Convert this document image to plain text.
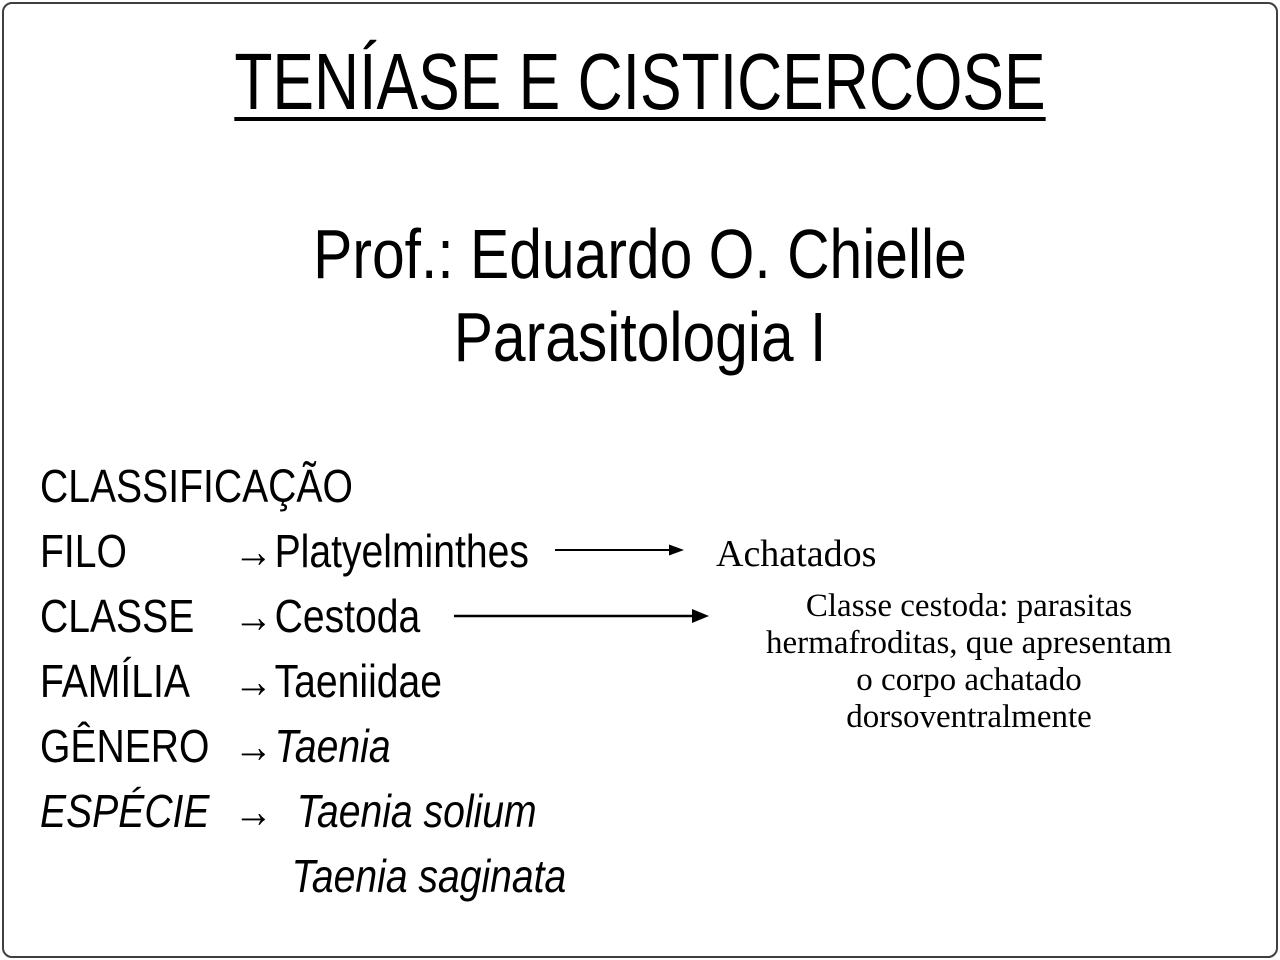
TENÍASE E CISTICERCOSE
Prof.: Eduardo O. Chielle
Parasitologia I
CLASSIFICAÇÃO
FILO →Platyelminthes
CLASSE →Cestoda
FAMÍLIA →Taeniidae
GÊNERO →Taenia
ESPÉCIE → Taenia solium
Taenia saginata
Achatados
Classe cestoda: parasitas
hermafroditas, que apresentam
o corpo achatado
dorsoventralmente
